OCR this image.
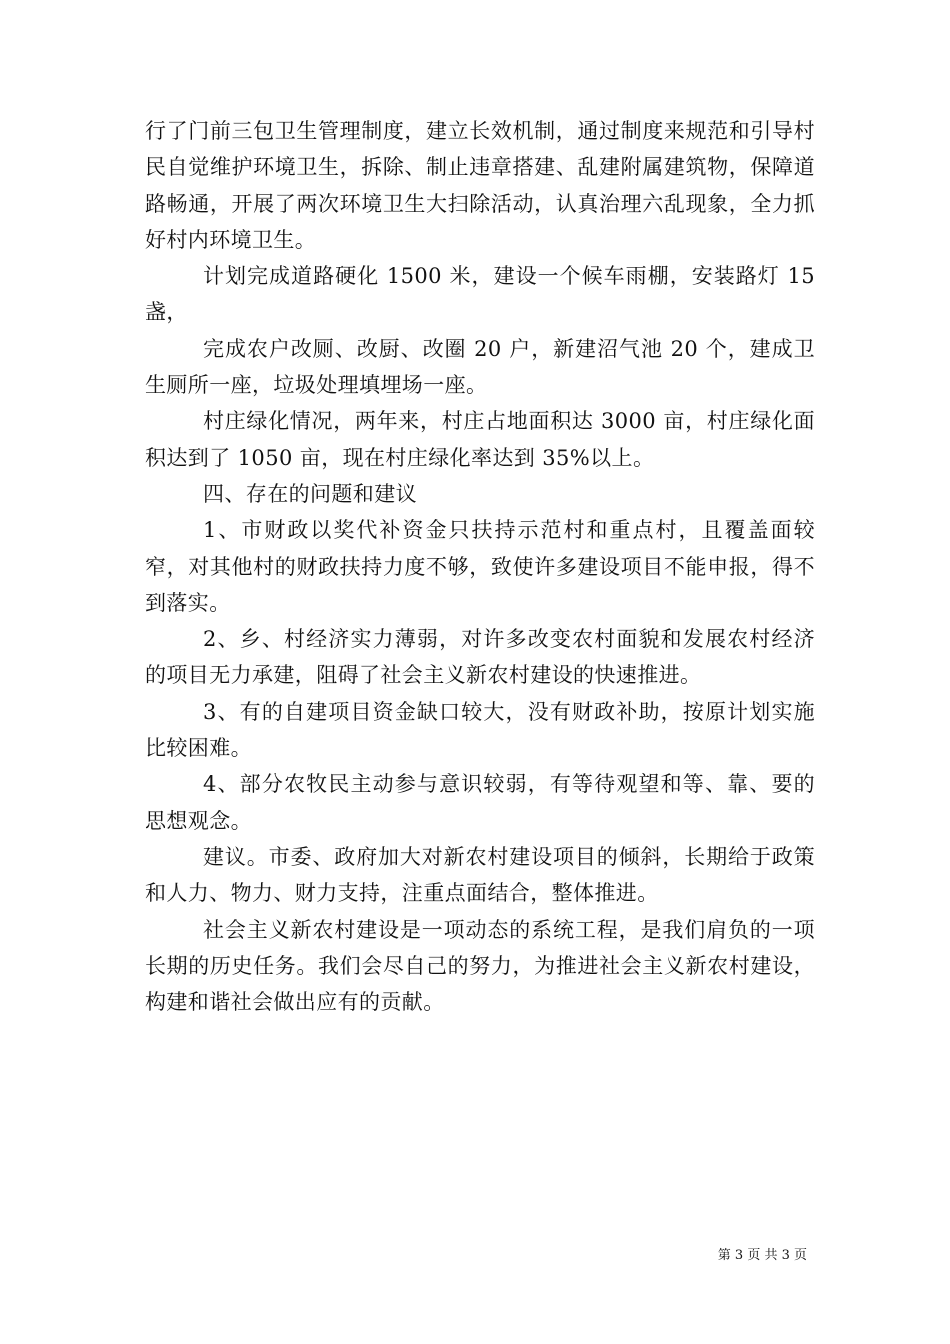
行了门前三包卫生管理制度，建立长效机制，通过制度来规范和引导村民自觉维护环境卫生，拆除、制止违章搭建、乱建附属建筑物，保障道路畅通，开展了两次环境卫生大扫除活动，认真治理六乱现象，全力抓好村内环境卫生。

计划完成道路硬化 1500 米，建设一个候车雨棚，安装路灯 15 盏，

完成农户改厕、改厨、改圈 20 户，新建沼气池 20 个，建成卫生厕所一座，垃圾处理填埋场一座。

村庄绿化情况，两年来，村庄占地面积达 3000 亩，村庄绿化面积达到了 1050 亩，现在村庄绿化率达到 35%以上。

四、存在的问题和建议

1、市财政以奖代补资金只扶持示范村和重点村，且覆盖面较窄，对其他村的财政扶持力度不够，致使许多建设项目不能申报，得不到落实。

2、乡、村经济实力薄弱，对许多改变农村面貌和发展农村经济的项目无力承建，阻碍了社会主义新农村建设的快速推进。

3、有的自建项目资金缺口较大，没有财政补助，按原计划实施比较困难。

4、部分农牧民主动参与意识较弱，有等待观望和等、靠、要的思想观念。

建议。市委、政府加大对新农村建设项目的倾斜，长期给于政策和人力、物力、财力支持，注重点面结合，整体推进。

社会主义新农村建设是一项动态的系统工程，是我们肩负的一项长期的历史任务。我们会尽自己的努力，为推进社会主义新农村建设，构建和谐社会做出应有的贡献。

第 3 页 共 3 页
